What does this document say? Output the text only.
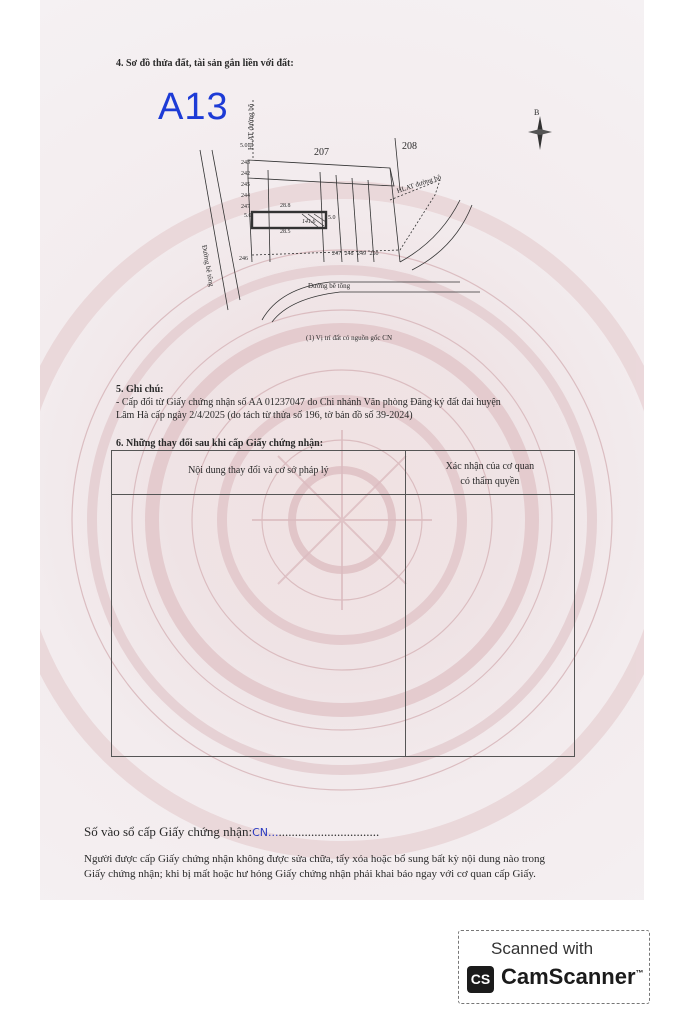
4. Sơ đồ thửa đất, tài sản gắn liền với đất:
A13	B
207
208
HLAT đường bộ
HLAT đường bộ
Đường bê tông	Đường bê tông
5.0
28.8
28.5
5.0	5.0
141.6
243
242
245
244
247
246
247 248 249 250
(1) Vị trí đất có nguồn gốc CN
5. Ghi chú:
- Cấp đổi từ Giấy chứng nhận số AA 01237047 do Chi nhánh Văn phòng Đăng ký đất đai huyện
Lâm Hà cấp ngày 2/4/2025 (do tách từ thửa số 196, tờ bản đồ số 39-2024)
6. Những thay đổi sau khi cấp Giấy chứng nhận:
Nội dung thay đổi và cơ sở pháp lý	Xác nhận của cơ quan
có thẩm quyền

Số vào sổ cấp Giấy chứng nhận:CN..................................
Người được cấp Giấy chứng nhận không được sửa chữa, tẩy xóa hoặc bổ sung bất kỳ nội dung nào trong
Giấy chứng nhận; khi bị mất hoặc hư hỏng Giấy chứng nhận phải khai báo ngay với cơ quan cấp Giấy.
Scanned with
CS CamScanner™
